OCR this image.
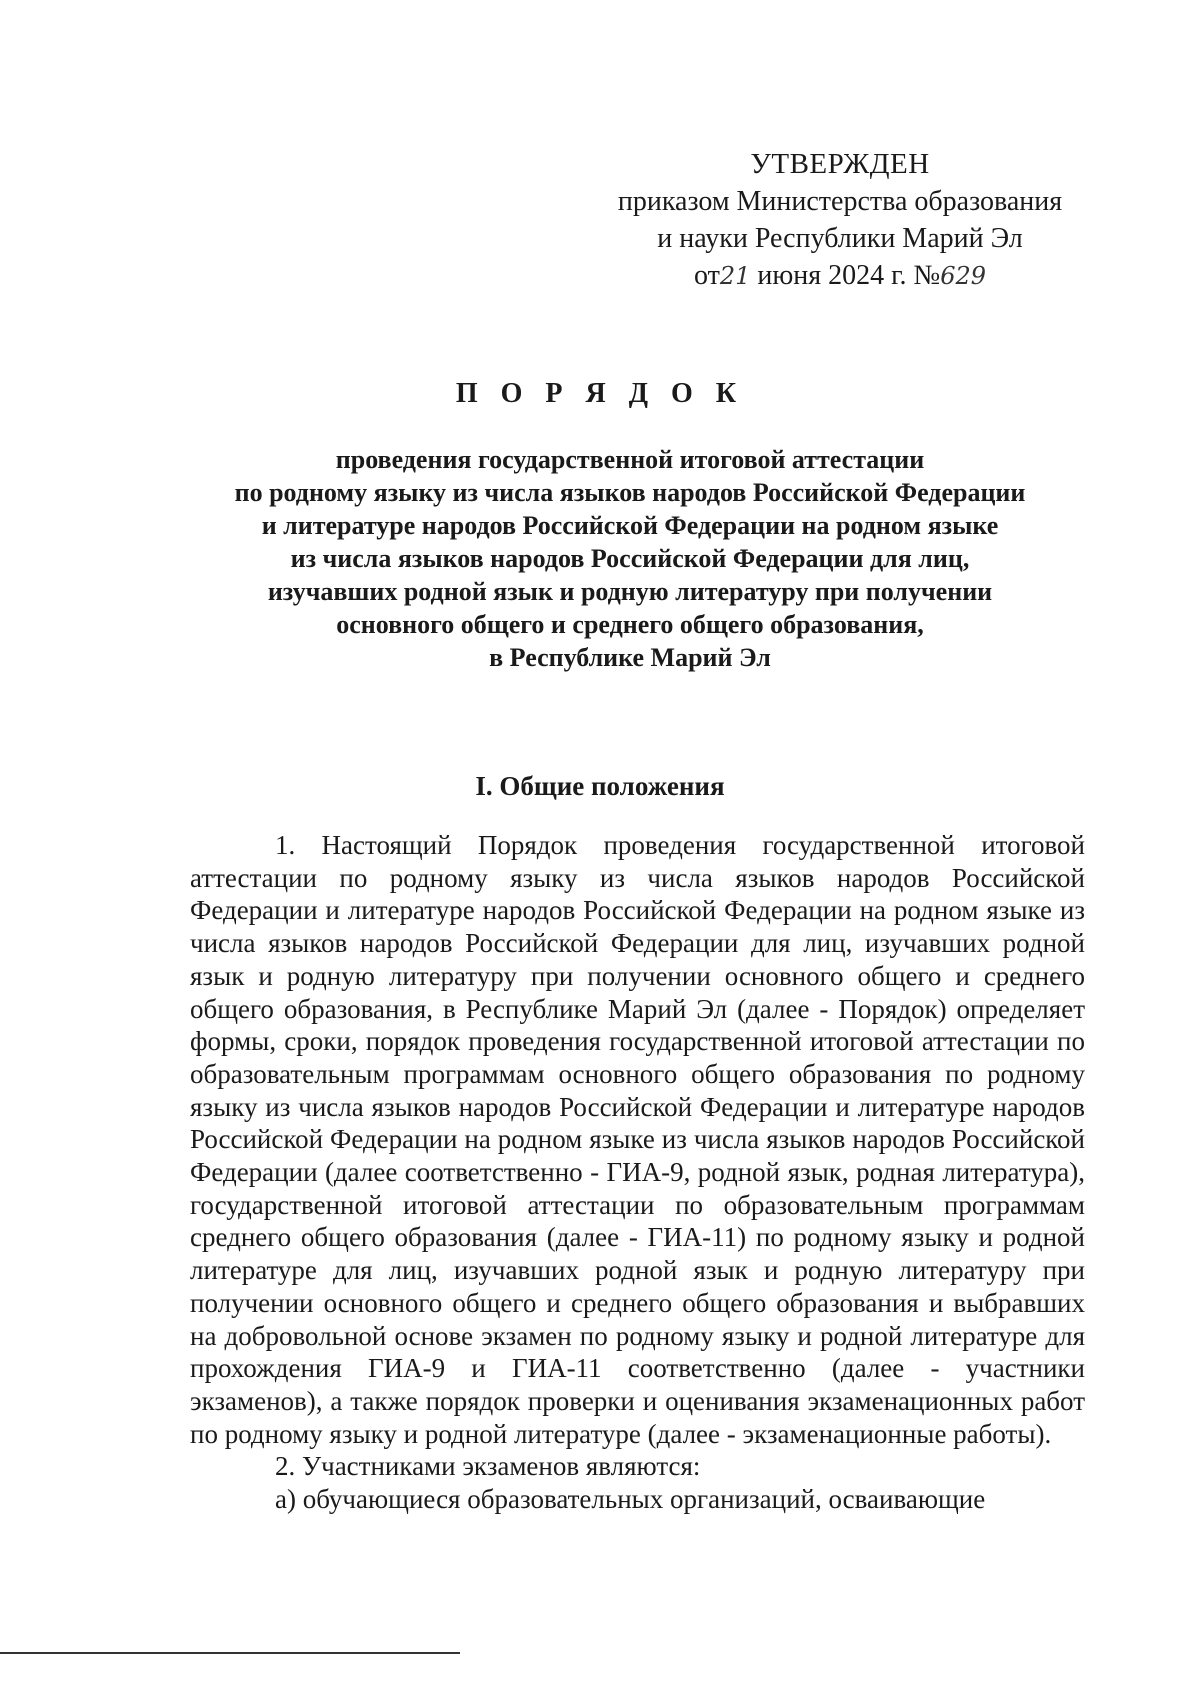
УТВЕРЖДЕН
приказом Министерства образования
и науки Республики Марий Эл
от21 июня 2024 г. №629
П О Р Я Д О К
проведения государственной итоговой аттестации
по родному языку из числа языков народов Российской Федерации
и литературе народов Российской Федерации на родном языке
из числа языков народов Российской Федерации для лиц,
изучавших родной язык и родную литературу при получении
основного общего и среднего общего образования,
в Республике Марий Эл
I. Общие положения

1. Настоящий Порядок проведения государственной итоговой аттестации по родному языку из числа языков народов Российской Федерации и литературе народов Российской Федерации на родном языке из числа языков народов Российской Федерации для лиц, изучавших родной язык и родную литературу при получении основного общего и среднего общего образования, в Республике Марий Эл (далее - Порядок) определяет формы, сроки, порядок проведения государственной итоговой аттестации по образовательным программам основного общего образования по родному языку из числа языков народов Российской Федерации и литературе народов Российской Федерации на родном языке из числа языков народов Российской Федерации (далее соответственно - ГИА-9, родной язык, родная литература), государственной итоговой аттестации по образовательным программам среднего общего образования (далее - ГИА-11) по родному языку и родной литературе для лиц, изучавших родной язык и родную литературу при получении основного общего и среднего общего образования и выбравших на добровольной основе экзамен по родному языку и родной литературе для прохождения ГИА-9 и ГИА-11 соответственно (далее - участники экзаменов), а также порядок проверки и оценивания экзаменационных работ по родному языку и родной литературе (далее - экзаменационные работы).

2. Участниками экзаменов являются:

а) обучающиеся образовательных организаций, осваивающие
